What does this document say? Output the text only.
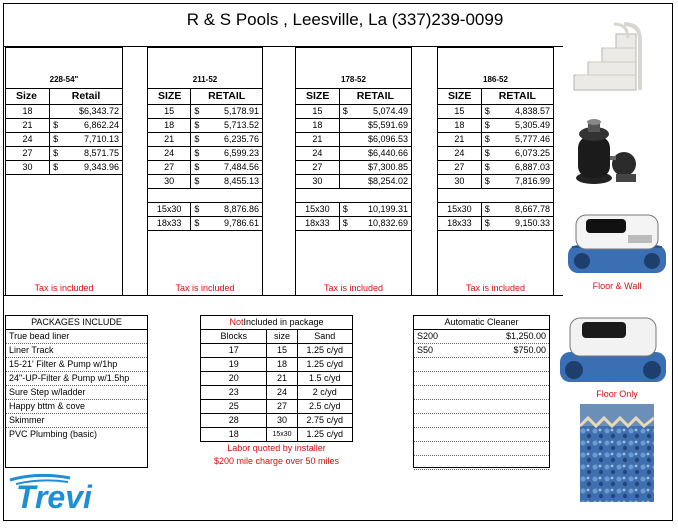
R & S Pools , Leesville, La (337)239-0099
228-54"
Size	Retail
18	$6,343.72
21	$	6,862.24
24	$	7,710.13
27	$	8,571.75
30	$	9,343.96
Tax is included
211-52
SIZE	RETAIL
15	$	5,178.91
18	$	5,713.52
21	$	6,235.76
24	$	6,599.23
27	$	7,484.56
30	$	8,455.13
15x30	$	8,876.86
18x33	$	9,786.61
Tax is included
178-52
SIZE	RETAIL
15	$	5,074.49
18	$5,591.69
21	$6,096.53
24	$6,440.66
27	$7,300.85
30	$8,254.02
15x30	$ 10,199.31
18x33	$ 10,832.69
Tax is included
186-52
SIZE	RETAIL
15	$	4,838.57
18	$	5,305.49
21	$	5,777.46
24	$	6,073.25
27	$	6,887.03
30	$	7,816.99
15x30	$	8,667.78
18x33	$	9,150.33
Tax is included
PACKAGES INCLUDE
True bead liner
Liner Track
15-21' Filter & Pump w/1hp
24"-UP-Filter & Pump w/1.5hp
Sure Step w/ladder
Happy bttm & cove
Skimmer
PVC Plumbing (basic)
Not Included in package
Blocks	size	Sand
17	15	1.25 c/yd
19	18	1.25 c/yd
20	21	1.5 c/yd
23	24	2 c/yd
25	27	2.5 c/yd
28	30	2.75 c/yd
18	15x30	1.25 c/yd
Labor quoted by installer
$200 mile charge over 50 miles
Automatic Cleaner
S200	$1,250.00
S50	$750.00
Floor & Wall
Floor Only
Trevi
